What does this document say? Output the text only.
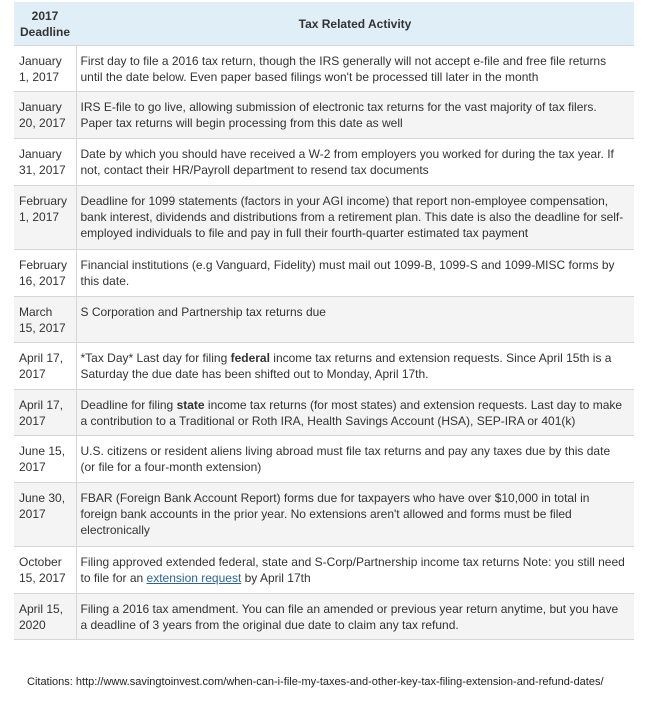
2017
Deadline	Tax Related Activity
January
1, 2017	First day to file a 2016 tax return, though the IRS generally will not accept e-file and free file returns until the date below. Even paper based filings won't be processed till later in the month
January
20, 2017	IRS E-file to go live, allowing submission of electronic tax returns for the vast majority of tax filers. Paper tax returns will begin processing from this date as well
January
31, 2017	Date by which you should have received a W-2 from employers you worked for during the tax year. If not, contact their HR/Payroll department to resend tax documents
February
1, 2017	Deadline for 1099 statements (factors in your AGI income) that report non-employee compensation, bank interest, dividends and distributions from a retirement plan. This date is also the deadline for self-employed individuals to file and pay in full their fourth-quarter estimated tax payment
February
16, 2017	Financial institutions (e.g Vanguard, Fidelity) must mail out 1099-B, 1099-S and 1099-MISC forms by this date.
March
15, 2017	S Corporation and Partnership tax returns due
April 17,
2017	*Tax Day* Last day for filing federal income tax returns and extension requests. Since April 15th is a Saturday the due date has been shifted out to Monday, April 17th.
April 17,
2017	Deadline for filing state income tax returns (for most states) and extension requests. Last day to make a contribution to a Traditional or Roth IRA, Health Savings Account (HSA), SEP-IRA or 401(k)
June 15,
2017	U.S. citizens or resident aliens living abroad must file tax returns and pay any taxes due by this date (or file for a four-month extension)
June 30,
2017	FBAR (Foreign Bank Account Report) forms due for taxpayers who have over $10,000 in total in foreign bank accounts in the prior year. No extensions aren't allowed and forms must be filed electronically
October
15, 2017	Filing approved extended federal, state and S-Corp/Partnership income tax returns Note: you still need to file for an extension request by April 17th
April 15,
2020	Filing a 2016 tax amendment. You can file an amended or previous year return anytime, but you have a deadline of 3 years from the original due date to claim any tax refund.
Citations: http://www.savingtoinvest.com/when-can-i-file-my-taxes-and-other-key-tax-filing-extension-and-refund-dates/
